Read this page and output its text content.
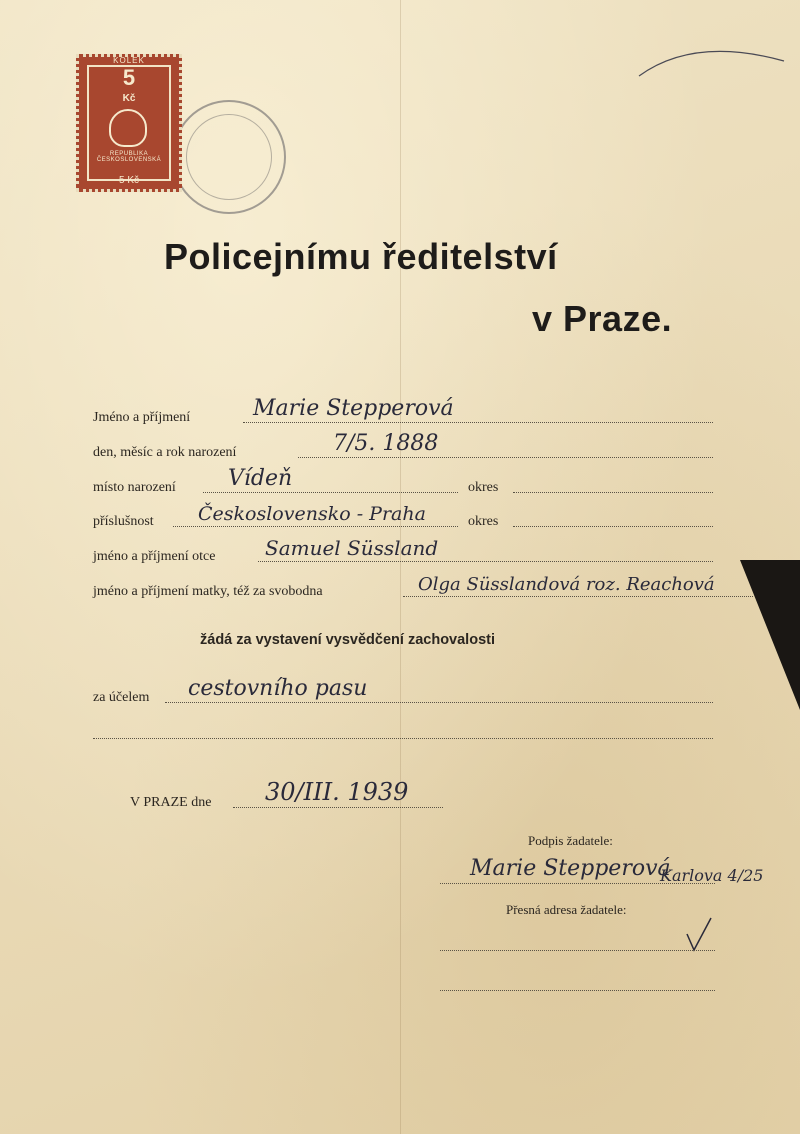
KOLEK
5
Kč
REPUBLIKA ČESKOSLOVENSKÁ
5 Kč
Policejnímu ředitelství
v Praze.
Jméno a příjmení	Marie Stepperová
den, měsíc a rok narození	7/5. 1888
místo narození Vídeň	okres
příslušnost Československo - Praha	okres
jméno a příjmení otce Samuel Süssland
jméno a příjmení matky, též za svobodna	Olga Süsslandová roz. Reachová
žádá za vystavení vysvědčení zachovalosti
za účelem cestovního pasu
V PRAZE dne 30/III. 1939
Podpis žadatele:
Marie Stepperová
Přesná adresa žadatele:
Karlova 4/25
